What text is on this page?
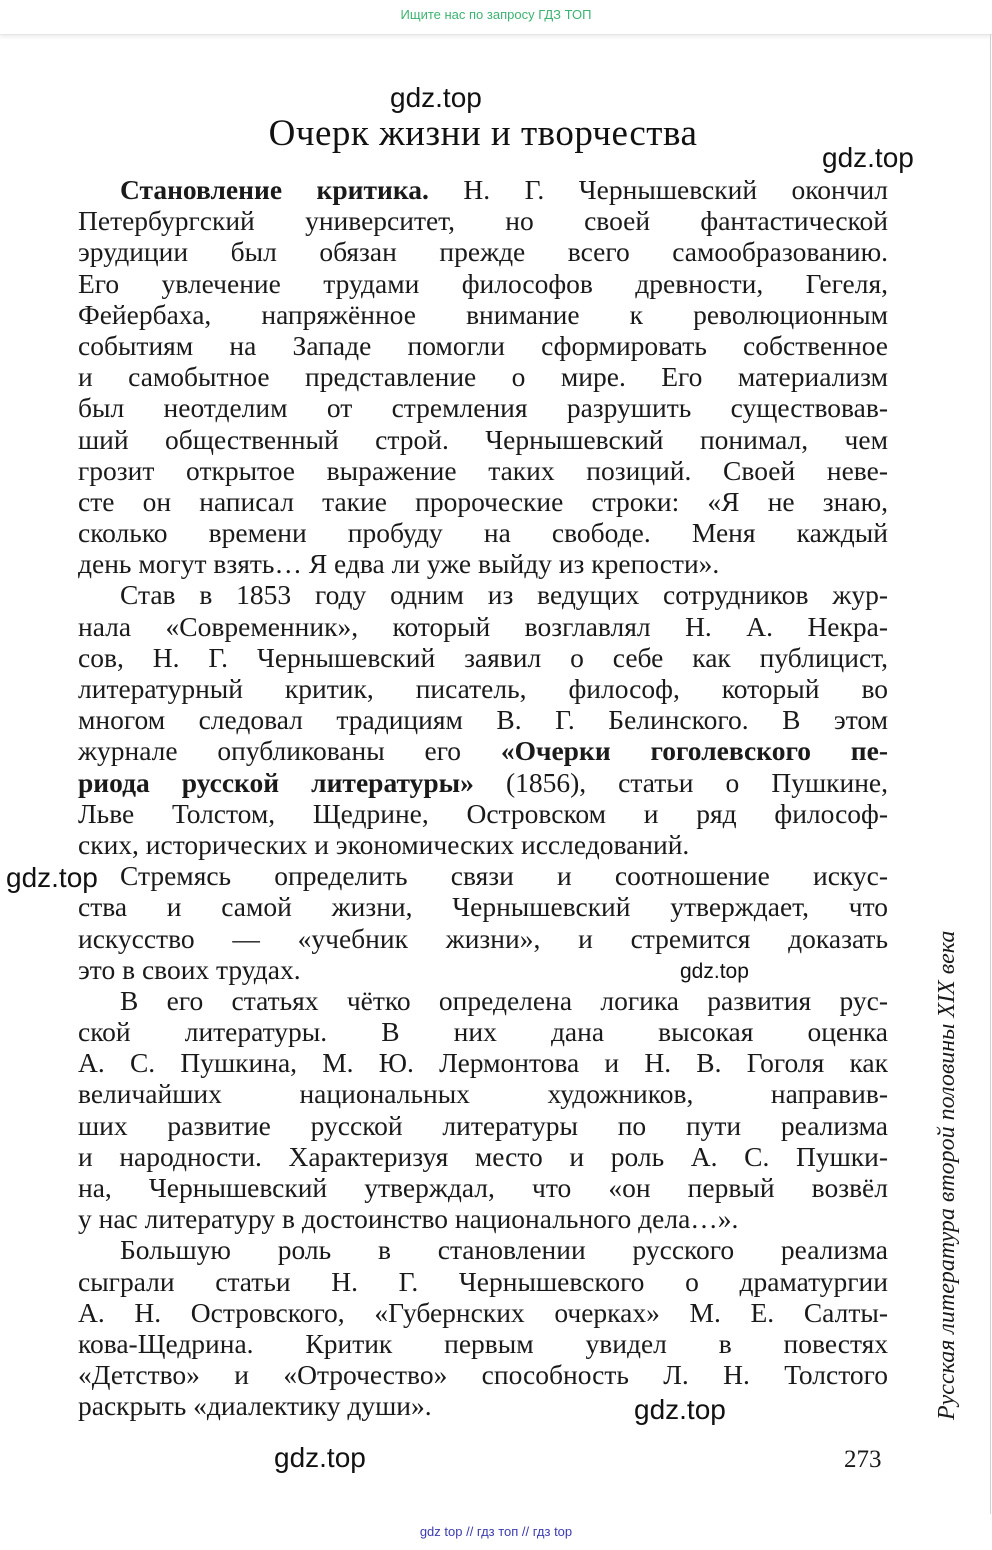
Ищите нас по запросу ГДЗ ТОП
gdz.top
Очерк жизни и творчества
gdz.top
Становление критика. Н. Г. Чернышевский окончил
Петербургский университет, но своей фантастической
эрудиции был обязан прежде всего самообразованию.
Его увлечение трудами философов древности, Гегеля,
Фейербаха, напряжённое внимание к революционным
событиям на Западе помогли сформировать собственное
и самобытное представление о мире. Его материализм
был неотделим от стремления разрушить существовав-
ший общественный строй. Чернышевский понимал, чем
грозит открытое выражение таких позиций. Своей неве-
сте он написал такие пророческие строки: «Я не знаю,
сколько времени пробуду на свободе. Меня каждый
день могут взять… Я едва ли уже выйду из крепости».
Став в 1853 году одним из ведущих сотрудников жур-
нала «Современник», который возглавлял Н. А. Некра-
сов, Н. Г. Чернышевский заявил о себе как публицист,
литературный критик, писатель, философ, который во
многом следовал традициям В. Г. Белинского. В этом
журнале опубликованы его «Очерки гоголевского пе-
риода русской литературы» (1856), статьи о Пушкине,
Льве Толстом, Щедрине, Островском и ряд философ-
ских, исторических и экономических исследований.
Стремясь определить связи и соотношение искус-
ства и самой жизни, Чернышевский утверждает, что
искусство — «учебник жизни», и стремится доказать
это в своих трудах.
В его статьях чётко определена логика развития рус-
ской литературы. В них дана высокая оценка
А. С. Пушкина, М. Ю. Лермонтова и Н. В. Гоголя как
величайших национальных художников, направив-
ших развитие русской литературы по пути реализма
и народности. Характеризуя место и роль А. С. Пушки-
на, Чернышевский утверждал, что «он первый возвёл
у нас литературу в достоинство национального дела…».
Большую роль в становлении русского реализма
сыграли статьи Н. Г. Чернышевского о драматургии
А. Н. Островского, «Губернских очерках» М. Е. Салты-
кова-Щедрина. Критик первым увидел в повестях
«Детство» и «Отрочество» способность Л. Н. Толстого
раскрыть «диалектику души».
gdz.top
gdz.top
gdz.top
gdz.top
Русская литература второй половины XIX века
273
gdz top // гдз топ // гдз top
